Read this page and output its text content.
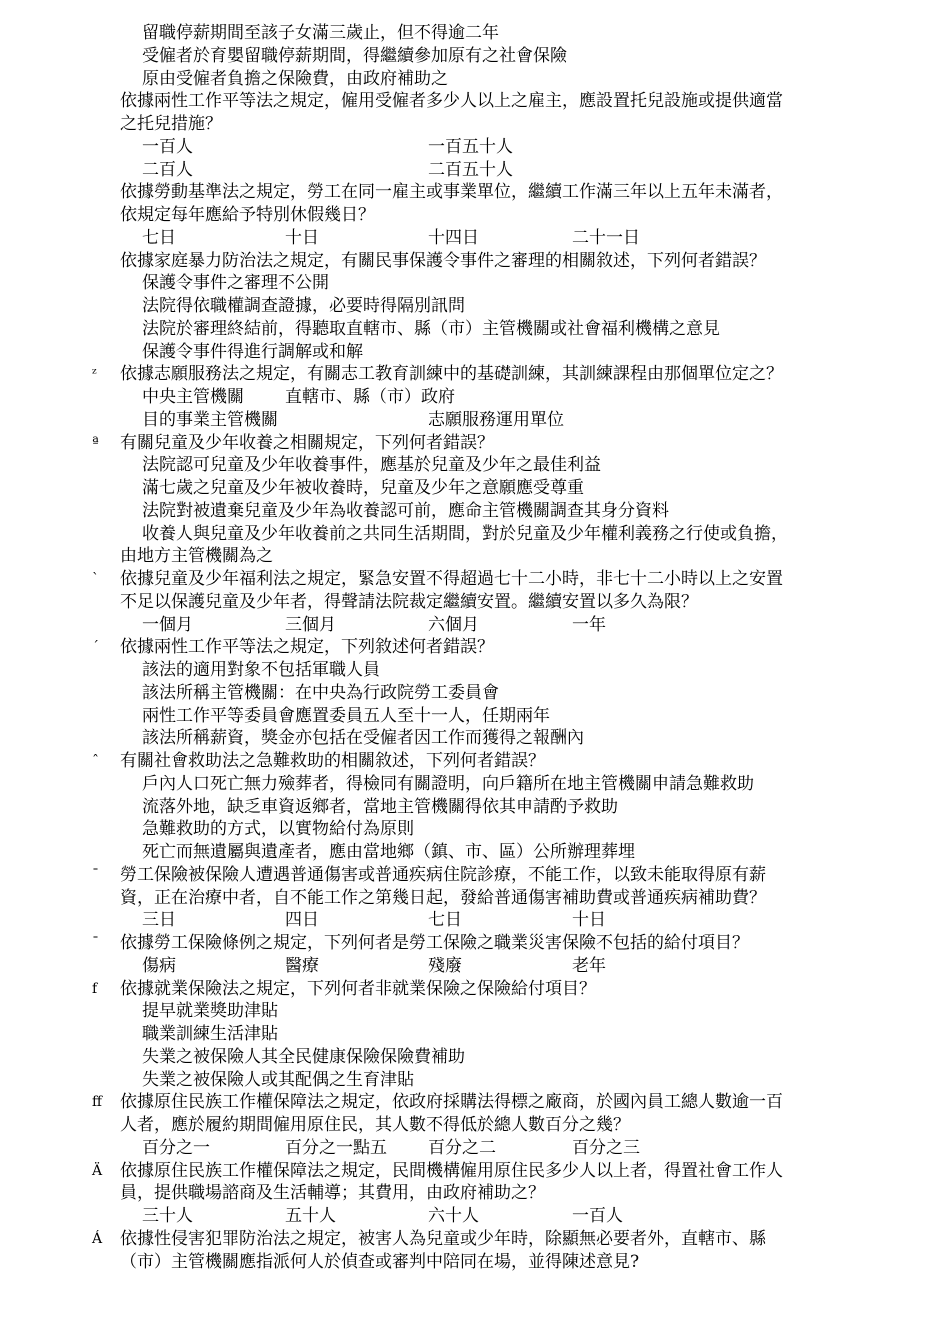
留職停薪期間至該子女滿三歲止，但不得逾二年
受僱者於育嬰留職停薪期間，得繼續參加原有之社會保險
原由受僱者負擔之保險費，由政府補助之
依據兩性工作平等法之規定，僱用受僱者多少人以上之雇主，應設置托兒設施或提供適當
之托兒措施？
一百人	一百五十人
二百人	二百五十人
依據勞動基準法之規定，勞工在同一雇主或事業單位，繼續工作滿三年以上五年未滿者，
依規定每年應給予特別休假幾日？
七日	十日	十四日	二十一日
依據家庭暴力防治法之規定，有關民事保護令事件之審理的相關敘述，下列何者錯誤？
保護令事件之審理不公開
法院得依職權調查證據，必要時得隔別訊問
法院於審理終結前，得聽取直轄市、縣（市）主管機關或社會福利機構之意見
保護令事件得進行調解或和解
ᶻ	依據志願服務法之規定，有關志工教育訓練中的基礎訓練，其訓練課程由那個單位定之？
中央主管機關 直轄市、縣（市）政府
目的事業主管機關	志願服務運用單位
ª	有關兒童及少年收養之相關規定，下列何者錯誤？
法院認可兒童及少年收養事件，應基於兒童及少年之最佳利益
滿七歲之兒童及少年被收養時，兒童及少年之意願應受尊重
法院對被遺棄兒童及少年為收養認可前，應命主管機關調查其身分資料
收養人與兒童及少年收養前之共同生活期間，對於兒童及少年權利義務之行使或負擔，
由地方主管機關為之
`	依據兒童及少年福利法之規定，緊急安置不得超過七十二小時，非七十二小時以上之安置
不足以保護兒童及少年者，得聲請法院裁定繼續安置。繼續安置以多久為限？
一個月	三個月	六個月	一年
ˊ	依據兩性工作平等法之規定，下列敘述何者錯誤？
該法的適用對象不包括軍職人員
該法所稱主管機關：在中央為行政院勞工委員會
兩性工作平等委員會應置委員五人至十一人，任期兩年
該法所稱薪資，獎金亦包括在受僱者因工作而獲得之報酬內
ˆ	有關社會救助法之急難救助的相關敘述，下列何者錯誤？
戶內人口死亡無力殮葬者，得檢同有關證明，向戶籍所在地主管機關申請急難救助
流落外地，缺乏車資返鄉者，當地主管機關得依其申請酌予救助
急難救助的方式，以實物給付為原則
死亡而無遺屬與遺產者，應由當地鄉（鎮、市、區）公所辦理葬埋
ˉ	勞工保險被保險人遭遇普通傷害或普通疾病住院診療，不能工作，以致未能取得原有薪
資，正在治療中者，自不能工作之第幾日起，發給普通傷害補助費或普通疾病補助費？
三日	四日	七日	十日
ˉ	依據勞工保險條例之規定，下列何者是勞工保險之職業災害保險不包括的給付項目？
傷病	醫療	殘廢	老年
f	依據就業保險法之規定，下列何者非就業保險之保險給付項目？
提早就業獎助津貼
職業訓練生活津貼
失業之被保險人其全民健康保險保險費補助
失業之被保險人或其配偶之生育津貼
ff	依據原住民族工作權保障法之規定，依政府採購法得標之廠商，於國內員工總人數逾一百
人者，應於履約期間僱用原住民，其人數不得低於總人數百分之幾？
百分之一	百分之一點五 百分之二	百分之三
Ä	依據原住民族工作權保障法之規定，民間機構僱用原住民多少人以上者，得置社會工作人
員，提供職場諮商及生活輔導；其費用，由政府補助之？
三十人	五十人	六十人	一百人
Á	依據性侵害犯罪防治法之規定，被害人為兒童或少年時，除顯無必要者外，直轄市、縣
（市）主管機關應指派何人於偵查或審判中陪同在場，並得陳述意見?
